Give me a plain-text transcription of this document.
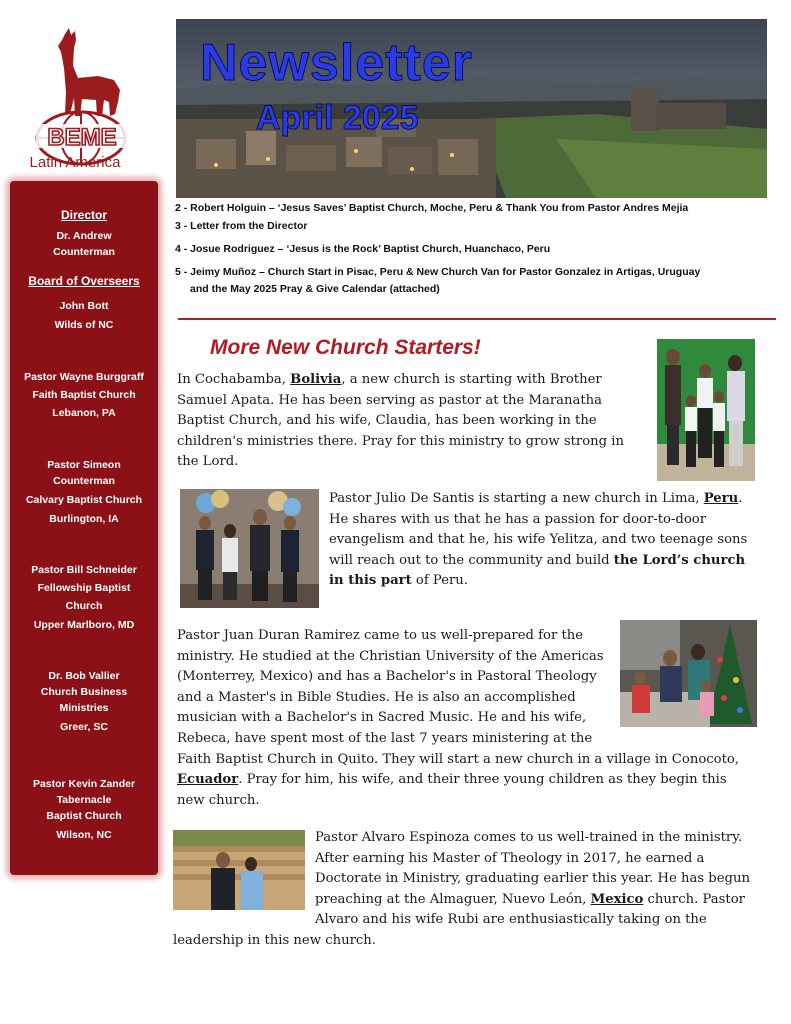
BEME
Latin America
Director
Dr. Andrew
Counterman
Board of Overseers
John Bott
Wilds of NC
Pastor Wayne Burggraff
Faith Baptist Church
Lebanon, PA
Pastor Simeon
Counterman
Calvary Baptist Church
Burlington, IA
Pastor Bill Schneider
Fellowship Baptist
Church
Upper Marlboro, MD
Dr. Bob Vallier
Church Business
Ministries
Greer, SC
Pastor Kevin Zander
Tabernacle
Baptist Church
Wilson, NC
Newsletter
April 2025
2 - Robert Holguin – ‘Jesus Saves’ Baptist Church, Moche, Peru & Thank You from Pastor Andres Mejia
3 - Letter from the Director
4 - Josue Rodriguez – ‘Jesus is the Rock’ Baptist Church, Huanchaco, Peru
5 - Jeimy Muñoz – Church Start in Pisac, Peru & New Church Van for Pastor Gonzalez in Artigas, Uruguay
and the May 2025 Pray & Give Calendar (attached)
More New Church Starters!
In Cochabamba, Bolivia, a new church is starting with Brother Samuel Apata. He has been serving as pastor at the Maranatha Baptist Church, and his wife, Claudia, has been working in the children's ministries there. Pray for this ministry to grow strong in the Lord.
Pastor Julio De Santis is starting a new church in Lima, Peru. He shares with us that he has a passion for door-to-door evangelism and that he, his wife Yelitza, and two teenage sons will reach out to the community and build the Lord’s church in this part of Peru.
Pastor Juan Duran Ramirez came to us well-prepared for the ministry. He studied at the Christian University of the Americas (Monterrey, Mexico) and has a Bachelor's in Pastoral Theology and a Master's in Bible Studies. He is also an accomplished musician with a Bachelor's in Sacred Music. He and his wife, Rebeca, have spent most of the last 7 years ministering at the Faith Baptist Church in Quito. They will start a new church in a village in Conocoto, Ecuador. Pray for him, his wife, and their three young children as they begin this new church.
Pastor Alvaro Espinoza comes to us well-trained in the ministry. After earning his Master of Theology in 2017, he earned a Doctorate in Ministry, graduating earlier this year. He has begun preaching at the Almaguer, Nuevo León, Mexico church. Pastor Alvaro and his wife Rubi are enthusiastically taking on the leadership in this new church.
